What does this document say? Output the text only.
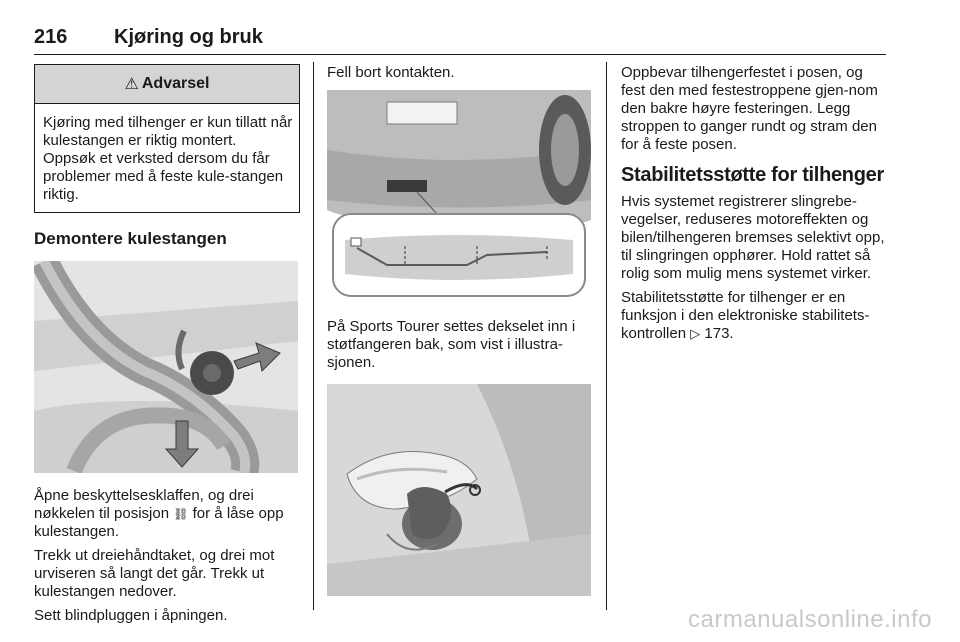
216 Kjøring og bruk
⚠ Advarsel
Kjøring med tilhenger er kun tillatt når kulestangen er riktig montert. Oppsøk et verksted dersom du får problemer med å feste kule-stangen riktig.
Demontere kulestangen

Åpne beskyttelsesklaffen, og drei nøkkelen til posisjon ⛓ for å låse opp kulestangen.

Trekk ut dreiehåndtaket, og drei mot urviseren så langt det går. Trekk ut kulestangen nedover.

Sett blindpluggen i åpningen.

Fell bort kontakten.

På Sports Tourer settes dekselet inn i støtfangeren bak, som vist i illustra-sjonen.

Oppbevar tilhengerfestet i posen, og fest den med festestroppene gjen-nom den bakre høyre festeringen. Legg stroppen to ganger rundt og stram den for å feste posen.

Stabilitetsstøtte for tilhenger

Hvis systemet registrerer slingrebe-vegelser, reduseres motoreffekten og bilen/tilhengeren bremses selektivt opp, til slingringen opphører. Hold rattet så rolig som mulig mens systemet virker.

Stabilitetsstøtte for tilhenger er en funksjon i den elektroniske stabilitets-kontrollen ▷ 173.

carmanualsonline.info
